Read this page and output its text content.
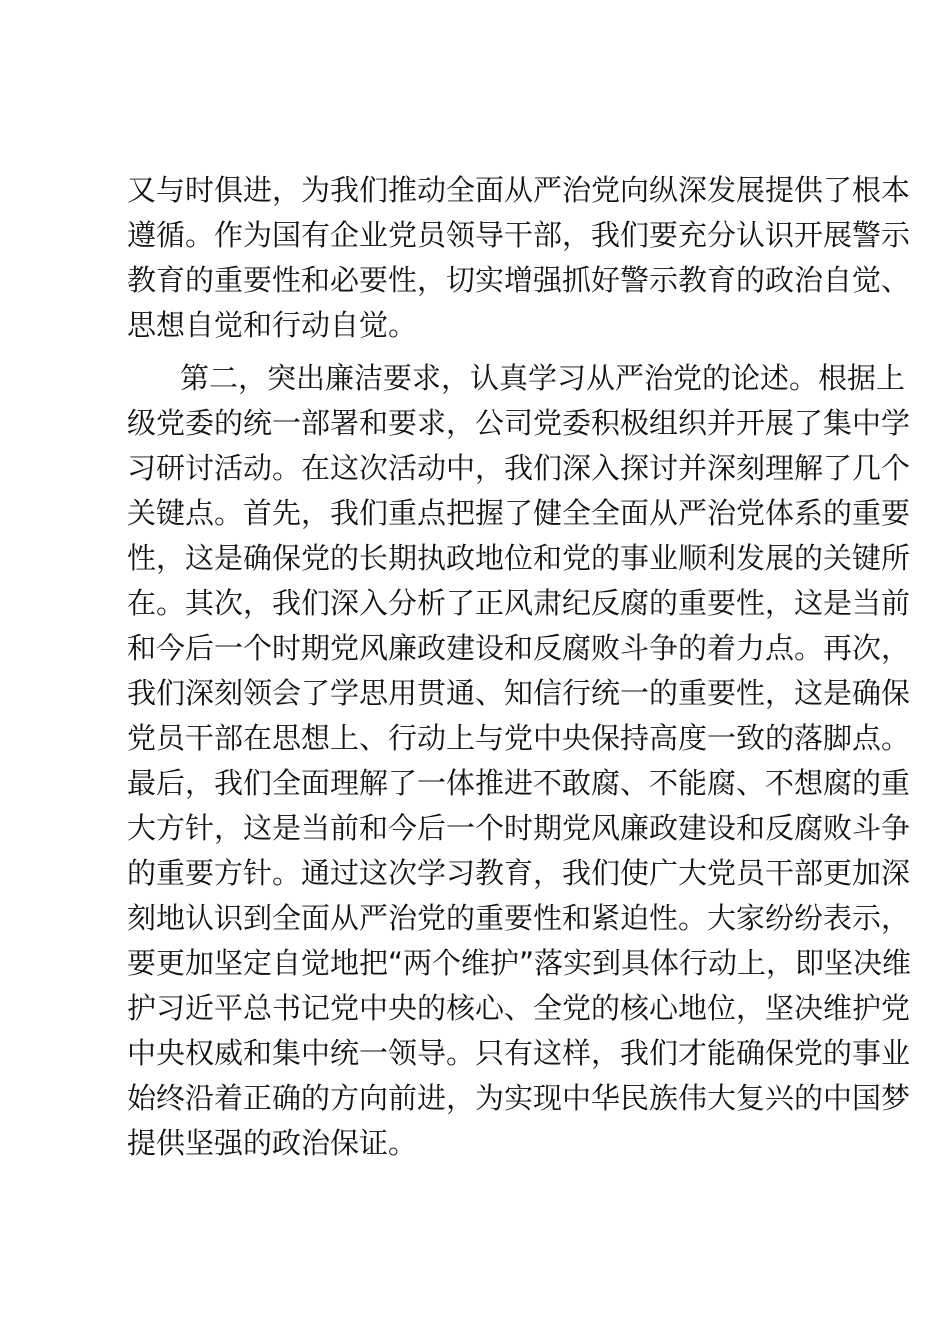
又与时俱进，为我们推动全面从严治党向纵深发展提供了根本
遵循。作为国有企业党员领导干部，我们要充分认识开展警示
教育的重要性和必要性，切实增强抓好警示教育的政治自觉、
思想自觉和行动自觉。
第二，突出廉洁要求，认真学习从严治党的论述。根据上
级党委的统一部署和要求，公司党委积极组织并开展了集中学
习研讨活动。在这次活动中，我们深入探讨并深刻理解了几个
关键点。首先，我们重点把握了健全全面从严治党体系的重要
性，这是确保党的长期执政地位和党的事业顺利发展的关键所
在。其次，我们深入分析了正风肃纪反腐的重要性，这是当前
和今后一个时期党风廉政建设和反腐败斗争的着力点。再次，
我们深刻领会了学思用贯通、知信行统一的重要性，这是确保
党员干部在思想上、行动上与党中央保持高度一致的落脚点。
最后，我们全面理解了一体推进不敢腐、不能腐、不想腐的重
大方针，这是当前和今后一个时期党风廉政建设和反腐败斗争
的重要方针。通过这次学习教育，我们使广大党员干部更加深
刻地认识到全面从严治党的重要性和紧迫性。大家纷纷表示，
要更加坚定自觉地把“两个维护”落实到具体行动上，即坚决维
护习近平总书记党中央的核心、全党的核心地位，坚决维护党
中央权威和集中统一领导。只有这样，我们才能确保党的事业
始终沿着正确的方向前进，为实现中华民族伟大复兴的中国梦
提供坚强的政治保证。
